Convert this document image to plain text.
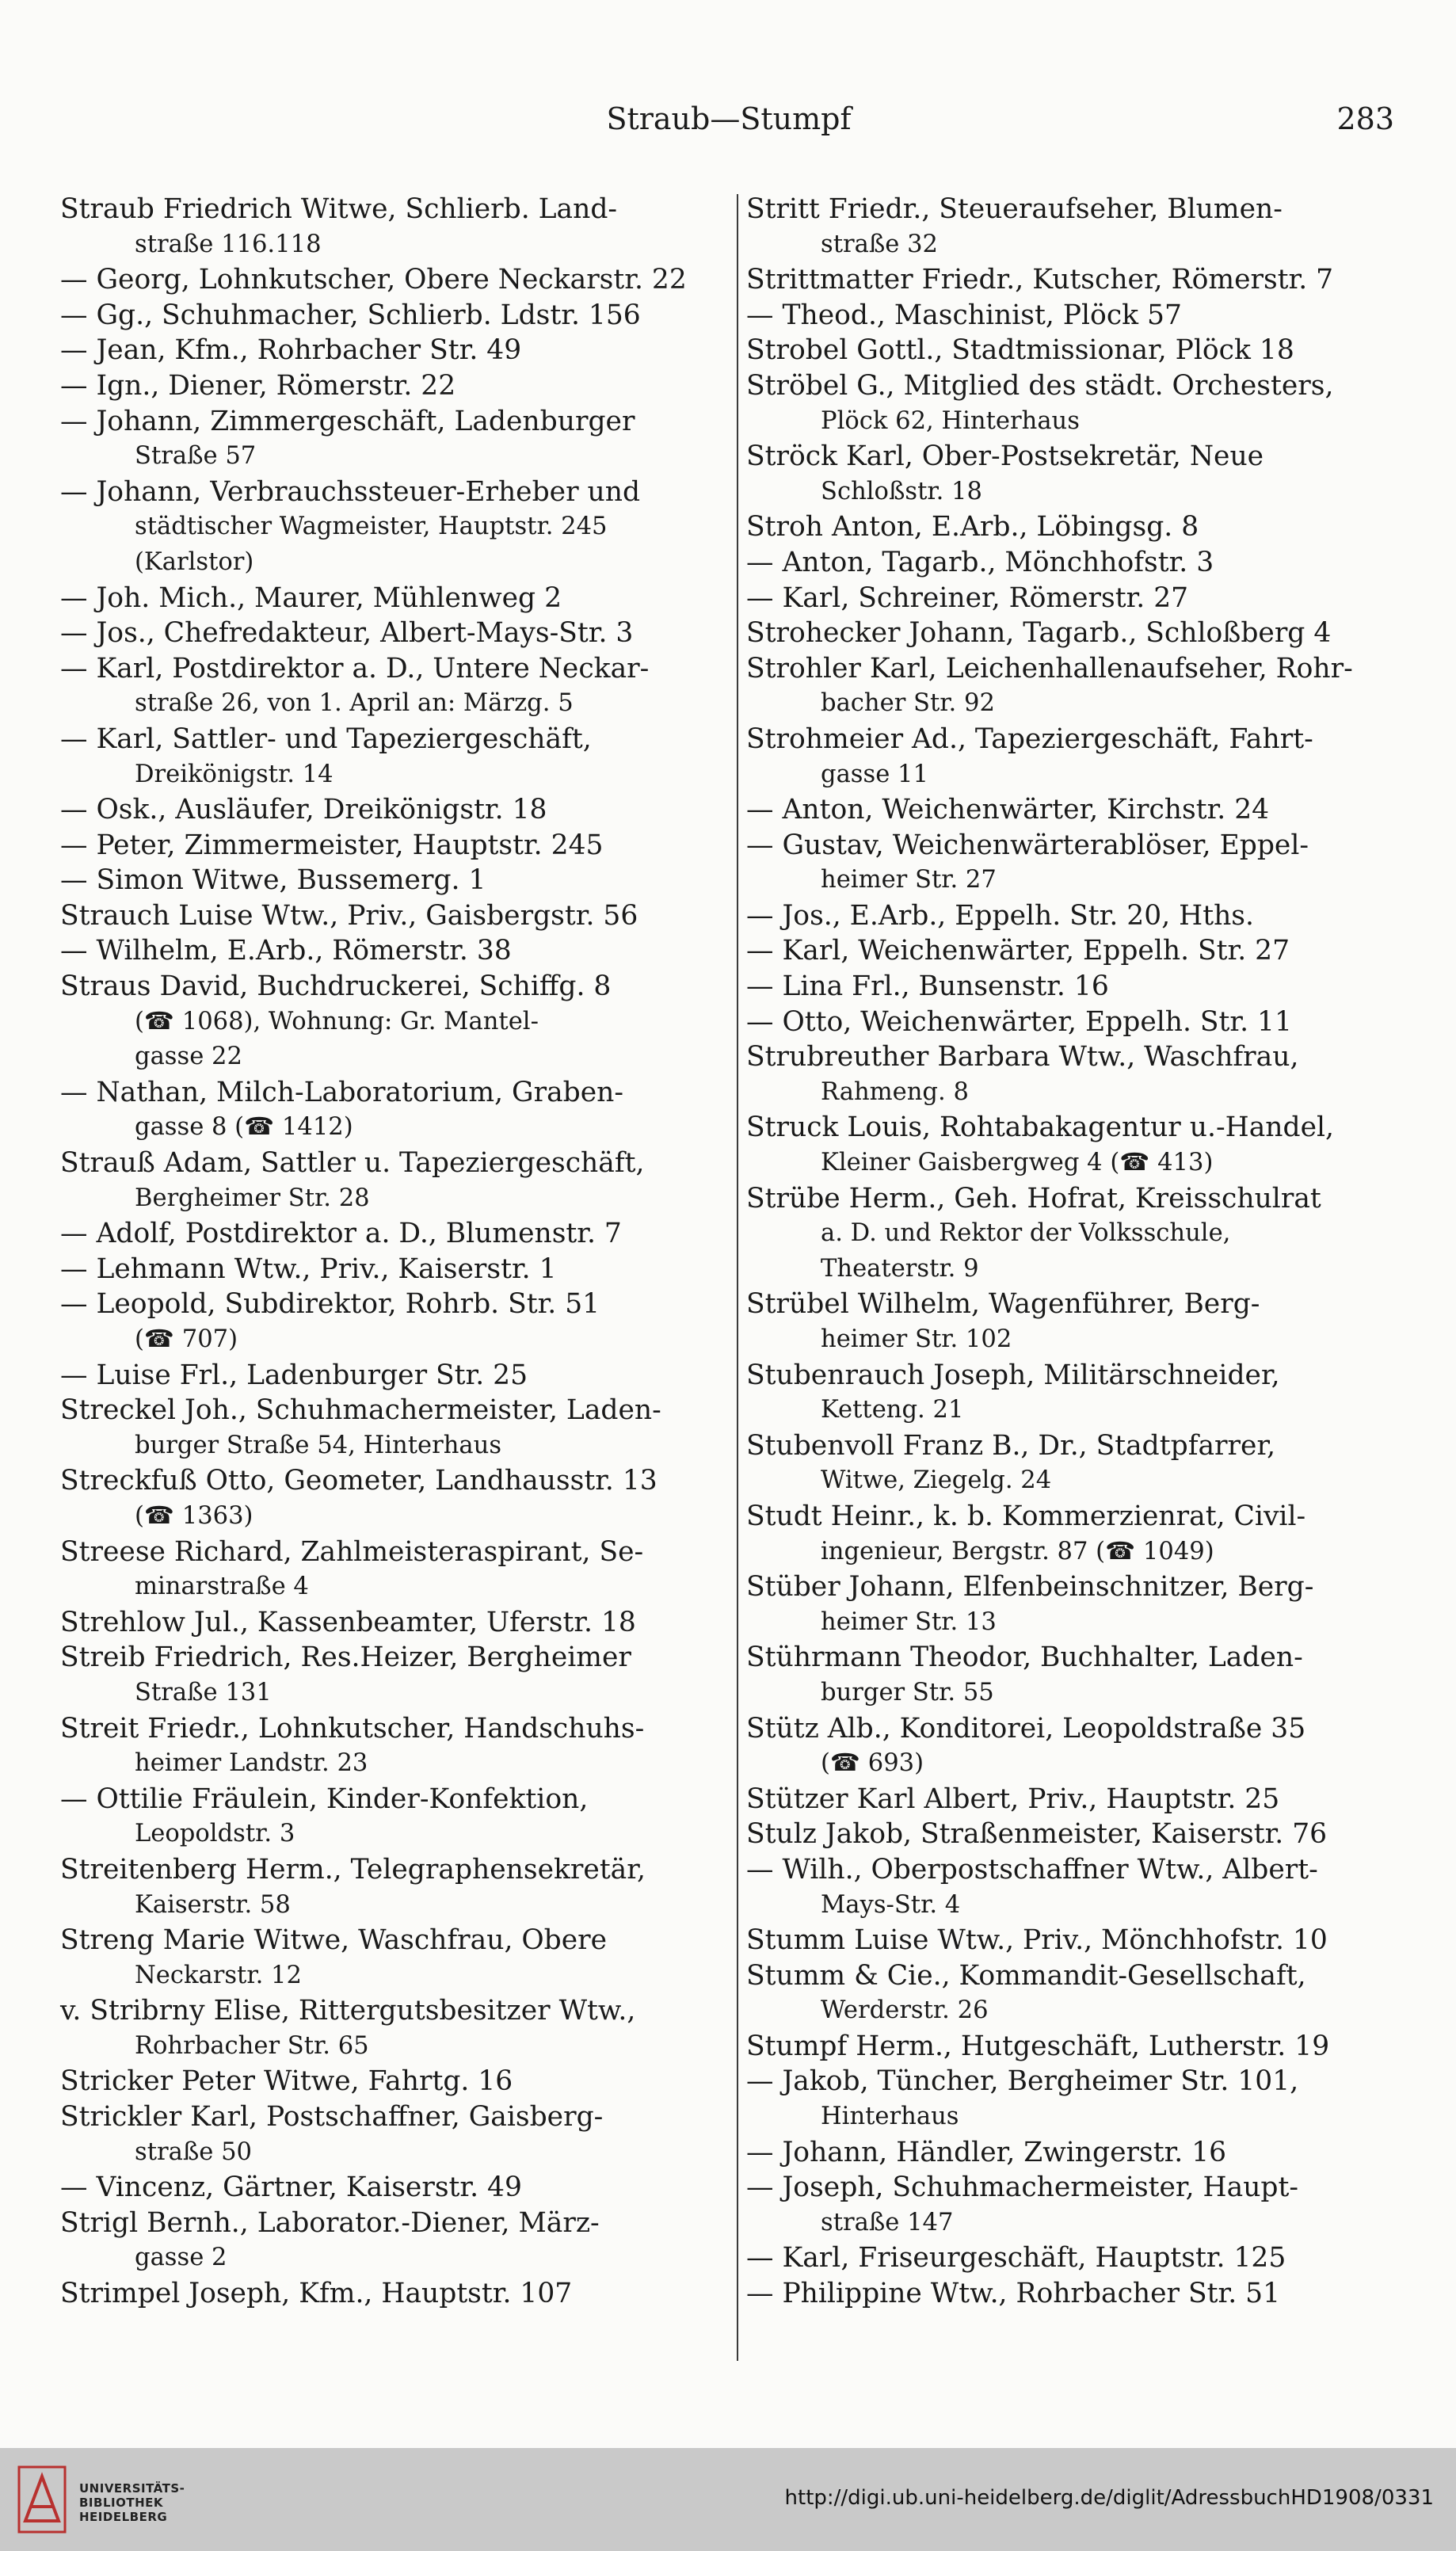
Straub—Stumpf	283
Straub Friedrich Witwe, Schlierb. Land-
straße 116.118
— Georg, Lohnkutscher, Obere Neckarstr. 22
— Gg., Schuhmacher, Schlierb. Ldstr. 156
— Jean, Kfm., Rohrbacher Str. 49
— Ign., Diener, Römerstr. 22
— Johann, Zimmergeschäft, Ladenburger
Straße 57
— Johann, Verbrauchssteuer-Erheber und
städtischer Wagmeister, Hauptstr. 245
(Karlstor)
— Joh. Mich., Maurer, Mühlenweg 2
— Jos., Chefredakteur, Albert-Mays-Str. 3
— Karl, Postdirektor a. D., Untere Neckar-
straße 26, von 1. April an: Märzg. 5
— Karl, Sattler- und Tapeziergeschäft,
Dreikönigstr. 14
— Osk., Ausläufer, Dreikönigstr. 18
— Peter, Zimmermeister, Hauptstr. 245
— Simon Witwe, Bussemerg. 1
Strauch Luise Wtw., Priv., Gaisbergstr. 56
— Wilhelm, E.Arb., Römerstr. 38
Straus David, Buchdruckerei, Schiffg. 8
(☎ 1068), Wohnung: Gr. Mantel-
gasse 22
— Nathan, Milch-Laboratorium, Graben-
gasse 8 (☎ 1412)
Strauß Adam, Sattler u. Tapeziergeschäft,
Bergheimer Str. 28
— Adolf, Postdirektor a. D., Blumenstr. 7
— Lehmann Wtw., Priv., Kaiserstr. 1
— Leopold, Subdirektor, Rohrb. Str. 51
(☎ 707)
— Luise Frl., Ladenburger Str. 25
Streckel Joh., Schuhmachermeister, Laden-
burger Straße 54, Hinterhaus
Streckfuß Otto, Geometer, Landhausstr. 13
(☎ 1363)
Streese Richard, Zahlmeisteraspirant, Se-
minarstraße 4
Strehlow Jul., Kassenbeamter, Uferstr. 18
Streib Friedrich, Res.Heizer, Bergheimer
Straße 131
Streit Friedr., Lohnkutscher, Handschuhs-
heimer Landstr. 23
— Ottilie Fräulein, Kinder-Konfektion,
Leopoldstr. 3
Streitenberg Herm., Telegraphensekretär,
Kaiserstr. 58
Streng Marie Witwe, Waschfrau, Obere
Neckarstr. 12
v. Stribrny Elise, Rittergutsbesitzer Wtw.,
Rohrbacher Str. 65
Stricker Peter Witwe, Fahrtg. 16
Strickler Karl, Postschaffner, Gaisberg-
straße 50
— Vincenz, Gärtner, Kaiserstr. 49
Strigl Bernh., Laborator.-Diener, März-
gasse 2
Strimpel Joseph, Kfm., Hauptstr. 107
Stritt Friedr., Steueraufseher, Blumen-
straße 32
Strittmatter Friedr., Kutscher, Römerstr. 7
— Theod., Maschinist, Plöck 57
Strobel Gottl., Stadtmissionar, Plöck 18
Ströbel G., Mitglied des städt. Orchesters,
Plöck 62, Hinterhaus
Ströck Karl, Ober-Postsekretär, Neue
Schloßstr. 18
Stroh Anton, E.Arb., Löbingsg. 8
— Anton, Tagarb., Mönchhofstr. 3
— Karl, Schreiner, Römerstr. 27
Strohecker Johann, Tagarb., Schloßberg 4
Strohler Karl, Leichenhallenaufseher, Rohr-
bacher Str. 92
Strohmeier Ad., Tapeziergeschäft, Fahrt-
gasse 11
— Anton, Weichenwärter, Kirchstr. 24
— Gustav, Weichenwärterablöser, Eppel-
heimer Str. 27
— Jos., E.Arb., Eppelh. Str. 20, Hths.
— Karl, Weichenwärter, Eppelh. Str. 27
— Lina Frl., Bunsenstr. 16
— Otto, Weichenwärter, Eppelh. Str. 11
Strubreuther Barbara Wtw., Waschfrau,
Rahmeng. 8
Struck Louis, Rohtabakagentur u.-Handel,
Kleiner Gaisbergweg 4 (☎ 413)
Strübe Herm., Geh. Hofrat, Kreisschulrat
a. D. und Rektor der Volksschule,
Theaterstr. 9
Strübel Wilhelm, Wagenführer, Berg-
heimer Str. 102
Stubenrauch Joseph, Militärschneider,
Ketteng. 21
Stubenvoll Franz B., Dr., Stadtpfarrer,
Witwe, Ziegelg. 24
Studt Heinr., k. b. Kommerzienrat, Civil-
ingenieur, Bergstr. 87 (☎ 1049)
Stüber Johann, Elfenbeinschnitzer, Berg-
heimer Str. 13
Stührmann Theodor, Buchhalter, Laden-
burger Str. 55
Stütz Alb., Konditorei, Leopoldstraße 35
(☎ 693)
Stützer Karl Albert, Priv., Hauptstr. 25
Stulz Jakob, Straßenmeister, Kaiserstr. 76
— Wilh., Oberpostschaffner Wtw., Albert-
Mays-Str. 4
Stumm Luise Wtw., Priv., Mönchhofstr. 10
Stumm & Cie., Kommandit-Gesellschaft,
Werderstr. 26
Stumpf Herm., Hutgeschäft, Lutherstr. 19
— Jakob, Tüncher, Bergheimer Str. 101,
Hinterhaus
— Johann, Händler, Zwingerstr. 16
— Joseph, Schuhmachermeister, Haupt-
straße 147
— Karl, Friseurgeschäft, Hauptstr. 125
— Philippine Wtw., Rohrbacher Str. 51
UNIVERSITÄTS-
BIBLIOTHEK
HEIDELBERG
http://digi.ub.uni-heidelberg.de/diglit/AdressbuchHD1908/0331
